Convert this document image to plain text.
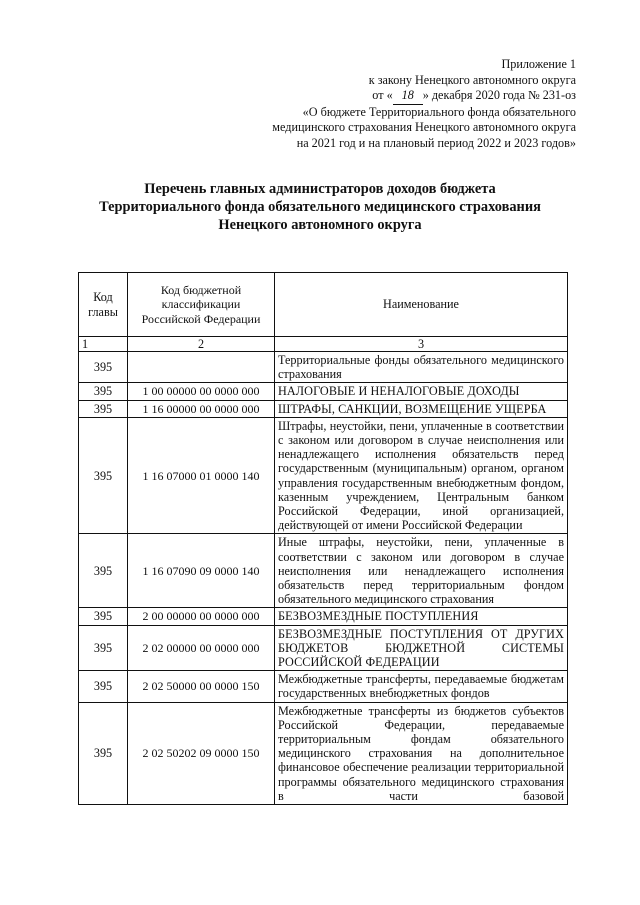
Приложение 1
к закону Ненецкого автономного округа
от « 18 » декабря 2020 года № 231-оз
«О бюджете Территориального фонда обязательного
медицинского страхования Ненецкого автономного округа
на 2021 год и на плановый период 2022 и 2023 годов»
Перечень главных администраторов доходов бюджета
Территориального фонда обязательного медицинского страхования
Ненецкого автономного округа
Код главы	Код бюджетной классификации Российской Федерации	Наименование
1	2	3
395		Территориальные фонды обязательного медицинского страхования
395	1 00 00000 00 0000 000	НАЛОГОВЫЕ И НЕНАЛОГОВЫЕ ДОХОДЫ
395	1 16 00000 00 0000 000	ШТРАФЫ, САНКЦИИ, ВОЗМЕЩЕНИЕ УЩЕРБА
395	1 16 07000 01 0000 140	Штрафы, неустойки, пени, уплаченные в соответствии с законом или договором в случае неисполнения или ненадлежащего исполнения обязательств перед государственным (муниципальным) органом, органом управления государственным внебюджетным фондом, казенным учреждением, Центральным банком Российской Федерации, иной организацией, действующей от имени Российской Федерации
395	1 16 07090 09 0000 140	Иные штрафы, неустойки, пени, уплаченные в соответствии с законом или договором в случае неисполнения или ненадлежащего исполнения обязательств перед территориальным фондом обязательного медицинского страхования
395	2 00 00000 00 0000 000	БЕЗВОЗМЕЗДНЫЕ ПОСТУПЛЕНИЯ
395	2 02 00000 00 0000 000	БЕЗВОЗМЕЗДНЫЕ ПОСТУПЛЕНИЯ ОТ ДРУГИХ БЮДЖЕТОВ БЮДЖЕТНОЙ СИСТЕМЫ РОССИЙСКОЙ ФЕДЕРАЦИИ
395	2 02 50000 00 0000 150	Межбюджетные трансферты, передаваемые бюджетам государственных внебюджетных фондов
395	2 02 50202 09 0000 150	Межбюджетные трансферты из бюджетов субъектов Российской Федерации, передаваемые территориальным фондам обязательного медицинского страхования на дополнительное финансовое обеспечение реализации территориальной программы обязательного медицинского страхования в части базовой
